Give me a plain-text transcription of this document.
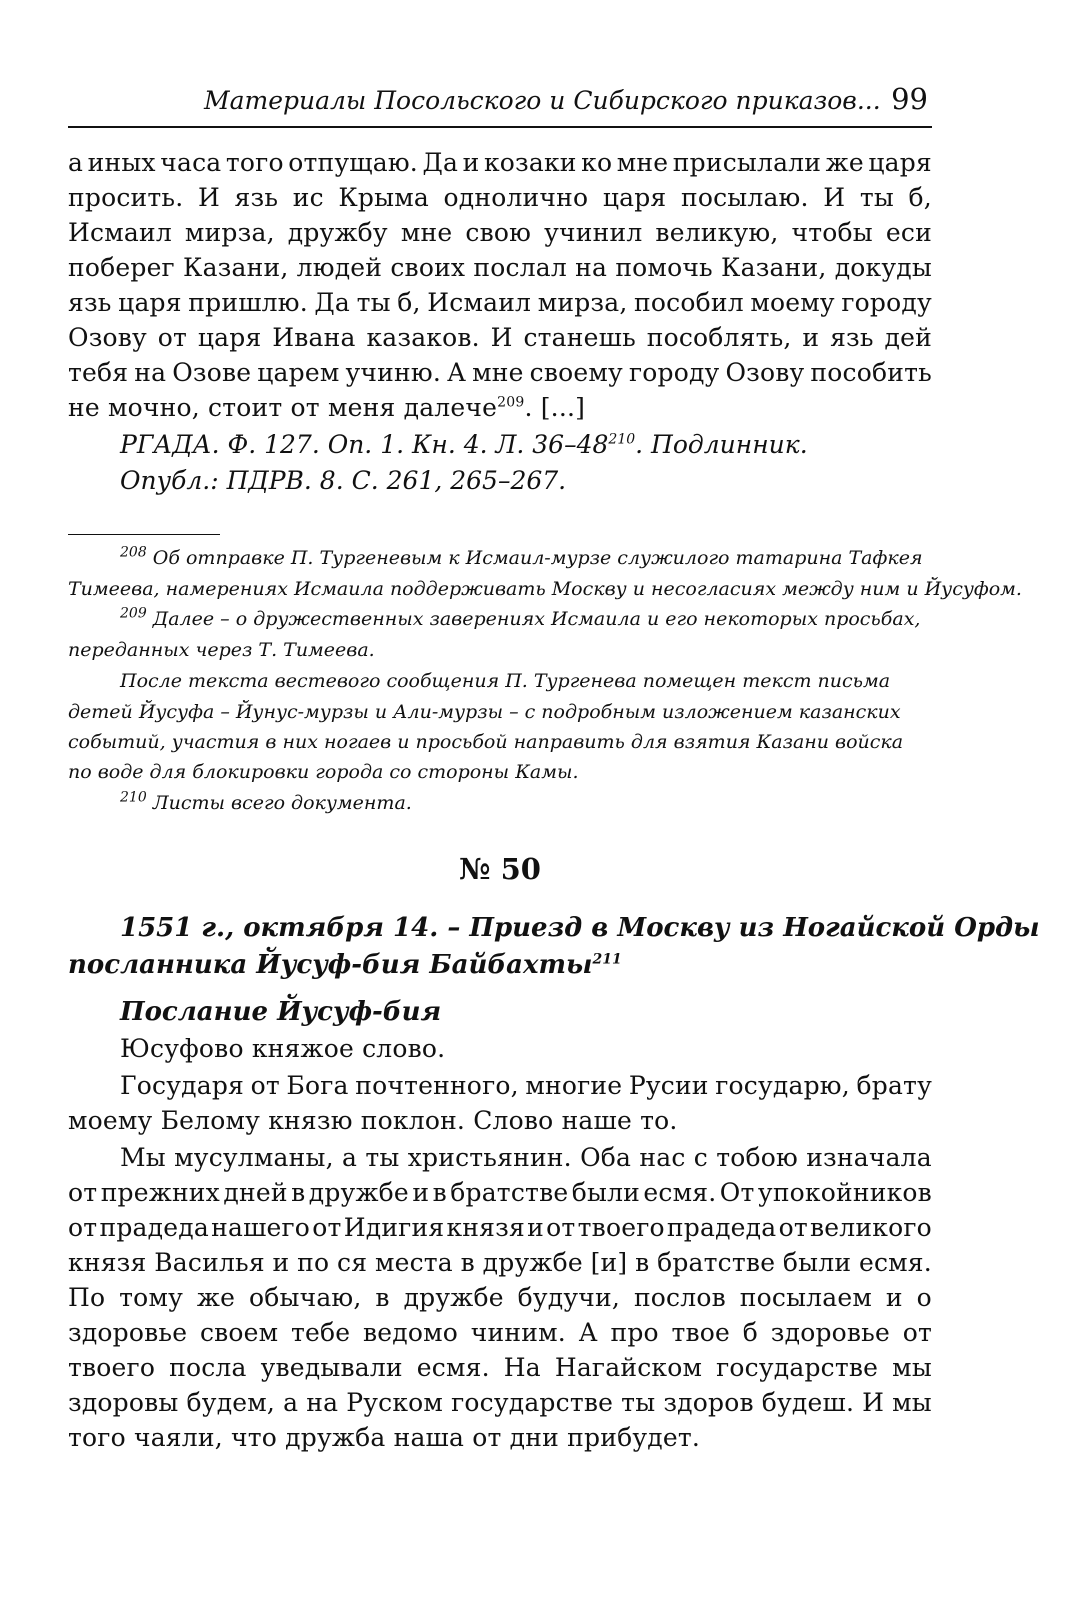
Материалы Посольского и Сибирского приказов... 99
а иных часа того отпущаю. Да и козаки ко мне присылали же царя
просить. И язь ис Крыма однолично царя посылаю. И ты б,
Исмаил мирза, дружбу мне свою учинил великую, чтобы еси
поберег Казани, людей своих послал на помочь Казани, докуды
язь царя пришлю. Да ты б, Исмаил мирза, пособил моему городу
Озову от царя Ивана казаков. И станешь пособлять, и язь дей
тебя на Озове царем учиню. А мне своему городу Озову пособить
не мочно, стоит от меня далече$^{209}$. [...]
РГАДА. Ф. 127. Оп. 1. Кн. 4. Л. $36-48^{210}$. Подлинник.
Опубл.: ПДРВ. 8. С. 261, 265–267.
$^{208}$ Об отправке П. Тургеневым к Исмаил-мурзе служилого татарина Тафкея
Тимеева, намерениях Исмаила поддерживать Москву и несогласиях между ним и Йусуфом.
$^{209}$ Далее – о дружественных заверениях Исмаила и его некоторых просьбах,
переданных через Т. Тимеева.
После текста вестевого сообщения П. Тургенева помещен текст письма
детей Йусуфа – Йунус-мурзы и Али-мурзы – с подробным изложением казанских
событий, участия в них ногаев и просьбой направить для взятия Казани войска
по воде для блокировки города со стороны Камы.
$^{210}$ Листы всего документа.
№ 50
1551 г., октября 14. – Приезд в Москву из Ногайской Орды
посланника Йусуф-бия Байбахты$^{211}$
Послание Йусуф-бия
Юсуфово княжое слово.
Государя от Бога почтенного, многие Русии государю, брату
моему Белому князю поклон. Слово наше то.
Мы мусулманы, а ты христьянин. Оба нас с тобою изначала
от прежних дней в дружбе и в братстве были есмя. От упокойников
от прадеда нашего от Идигия князя и от твоего прадеда от великого
князя Василья и по ся места в дружбе [и] в братстве были есмя.
По тому же обычаю, в дружбе будучи, послов посылаем и о
здоровье своем тебе ведомо чиним. А про твое б здоровье от
твоего посла уведывали есмя. На Нагайском государстве мы
здоровы будем, а на Руском государстве ты здоров будеш. И мы
того чаяли, что дружба наша от дни прибудет.
